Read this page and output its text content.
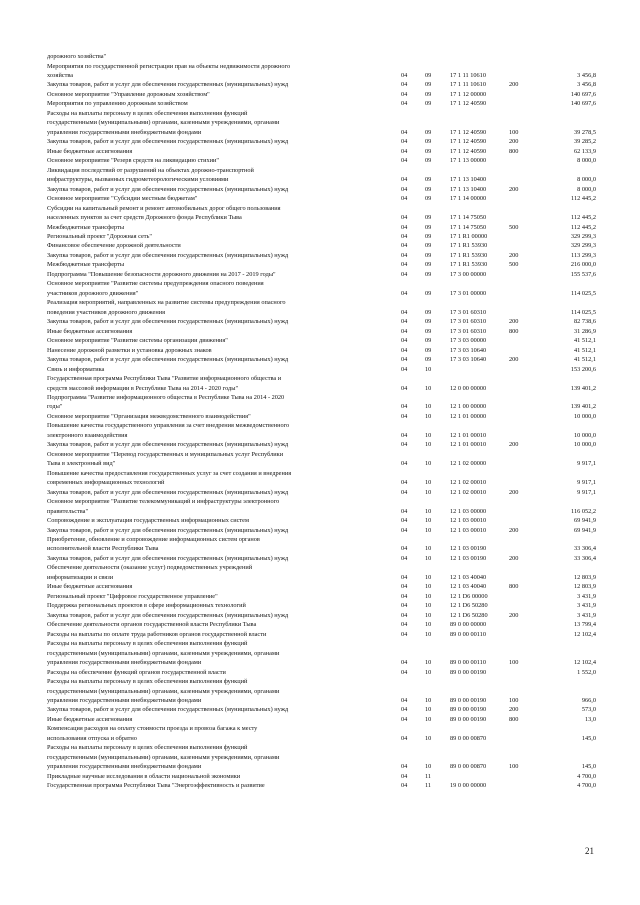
дорожного хозяйства"
Мероприятия по государственной регистрации прав на объекты недвижимости дорожного
хозяйства	04	09	17 1 11 10610	3 456,8
Закупка товаров, работ и услуг для обеспечения государственных (муниципальных) нужд	04	09	17 1 11 10610	200	3 456,8
Основное мероприятие "Управление дорожным хозяйством"	04	09	17 1 12 00000	140 697,6
Мероприятия по управлению дорожным хозяйством	04	09	17 1 12 40590	140 697,6
Расходы на выплаты персоналу в целях обеспечения выполнения функций
государственными (муниципальными) органами, казенными учреждениями, органами
управления государственными внебюджетными фондами	04	09	17 1 12 40590	100	39 278,5
Закупка товаров, работ и услуг для обеспечения государственных (муниципальных) нужд	04	09	17 1 12 40590	200	39 285,2
Иные бюджетные ассигнования	04	09	17 1 12 40590	800	62 133,9
Основное мероприятие "Резерв средств на ликвидацию стихии"	04	09	17 1 13 00000	8 000,0
Ликвидация последствий от разрушений на объектах дорожно-транспортной
инфраструктуры, вызванных гидрометеорологическими условиями	04	09	17 1 13 10400	8 000,0
Закупка товаров, работ и услуг для обеспечения государственных (муниципальных) нужд	04	09	17 1 13 10400	200	8 000,0
Основное мероприятие "Субсидии местным бюджетам"	04	09	17 1 14 00000	112 445,2
Субсидии на капитальный ремонт и ремонт автомобильных дорог общего пользования
населенных пунктов за счет средств Дорожного фонда Республики Тыва	04	09	17 1 14 75050	112 445,2
Межбюджетные трансферты	04	09	17 1 14 75050	500	112 445,2
Региональный проект "Дорожная сеть"	04	09	17 1 R1 00000	329 299,3
Финансовое обеспечение дорожной деятельности	04	09	17 1 R1 53930	329 299,3
Закупка товаров, работ и услуг для обеспечения государственных (муниципальных) нужд	04	09	17 1 R1 53930	200	113 299,3
Межбюджетные трансферты	04	09	17 1 R1 53930	500	216 000,0
Подпрограмма "Повышение безопасности дорожного движения на 2017 - 2019 годы"	04	09	17 3 00 00000	155 537,6
Основное мероприятие "Развитие системы предупреждения опасного поведения
участников дорожного движения"	04	09	17 3 01 00000	114 025,5
Реализация мероприятий, направленных на развитие системы предупреждения опасного
поведения участников дорожного движения	04	09	17 3 01 60310	114 025,5
Закупка товаров, работ и услуг для обеспечения государственных (муниципальных) нужд	04	09	17 3 01 60310	200	82 738,6
Иные бюджетные ассигнования	04	09	17 3 01 60310	800	31 286,9
Основное мероприятие "Развитие системы организации движения"	04	09	17 3 03 00000	41 512,1
Нанесение дорожной разметки и установка дорожных знаков	04	09	17 3 03 10640	41 512,1
Закупка товаров, работ и услуг для обеспечения государственных (муниципальных) нужд	04	09	17 3 03 10640	200	41 512,1
Связь и информатика	04	10	153 200,6
Государственная программа Республики Тыва "Развитие информационного общества и
средств массовой информации в Республике Тыва на 2014 - 2020 годы"	04	10	12 0 00 00000	139 401,2
Подпрограмма "Развитие информационного общества в Республике Тыва на 2014 - 2020
годы"	04	10	12 1 00 00000	139 401,2
Основное мероприятие "Организация межведомственного взаимодействия"	04	10	12 1 01 00000	10 000,0
Повышение качества государственного управления за счет внедрения межведомственного
электронного взаимодействия	04	10	12 1 01 00010	10 000,0
Закупка товаров, работ и услуг для обеспечения государственных (муниципальных) нужд	04	10	12 1 01 00010	200	10 000,0
Основное мероприятие "Перевод государственных и муниципальных услуг Республики
Тыва в электронный вид"	04	10	12 1 02 00000	9 917,1
Повышение качества предоставления государственных услуг за счет создания и внедрения
современных информационных технологий	04	10	12 1 02 00010	9 917,1
Закупка товаров, работ и услуг для обеспечения государственных (муниципальных) нужд	04	10	12 1 02 00010	200	9 917,1
Основное мероприятие "Развитие телекоммуникаций и инфраструктуры электронного
правительства"	04	10	12 1 03 00000	116 052,2
Сопровождение и эксплуатация государственных информационных систем	04	10	12 1 03 00010	69 941,9
Закупка товаров, работ и услуг для обеспечения государственных (муниципальных) нужд	04	10	12 1 03 00010	200	69 941,9
Приобретение, обновление и сопровождение информационных систем органов
исполнительной власти Республики Тыва	04	10	12 1 03 00190	33 306,4
Закупка товаров, работ и услуг для обеспечения государственных (муниципальных) нужд	04	10	12 1 03 00190	200	33 306,4
Обеспечение деятельности (оказание услуг) подведомственных учреждений
информатизации и связи	04	10	12 1 03 40040	12 803,9
Иные бюджетные ассигнования	04	10	12 1 03 40040	800	12 803,9
Региональный проект "Цифровое государственное управление"	04	10	12 1 D6 00000	3 431,9
Поддержка региональных проектов в сфере информационных технологий	04	10	12 1 D6 50280	3 431,9
Закупка товаров, работ и услуг для обеспечения государственных (муниципальных) нужд	04	10	12 1 D6 50280	200	3 431,9
Обеспечение деятельности органов государственной власти Республики Тыва	04	10	89 0 00 00000	13 799,4
Расходы на выплаты по оплате труда работников органов государственной власти	04	10	89 0 00 00110	12 102,4
Расходы на выплаты персоналу в целях обеспечения выполнения функций
государственными (муниципальными) органами, казенными учреждениями, органами
управления государственными внебюджетными фондами	04	10	89 0 00 00110	100	12 102,4
Расходы на обеспечение функций органов государственной власти	04	10	89 0 00 00190	1 552,0
Расходы на выплаты персоналу в целях обеспечения выполнения функций
государственными (муниципальными) органами, казенными учреждениями, органами
управления государственными внебюджетными фондами	04	10	89 0 00 00190	100	966,0
Закупка товаров, работ и услуг для обеспечения государственных (муниципальных) нужд	04	10	89 0 00 00190	200	573,0
Иные бюджетные ассигнования	04	10	89 0 00 00190	800	13,0
Компенсация расходов на оплату стоимости проезда и провоза багажа к месту
использования отпуска и обратно	04	10	89 0 00 00870	145,0
Расходы на выплаты персоналу в целях обеспечения выполнения функций
государственными (муниципальными) органами, казенными учреждениями, органами
управления государственными внебюджетными фондами	04	10	89 0 00 00870	100	145,0
Прикладные научные исследования в области национальной экономики	04	11	4 700,0
Государственная программа Республики Тыва "Энергоэффективность и развитие	04	11	19 0 00 00000	4 700,0
21
